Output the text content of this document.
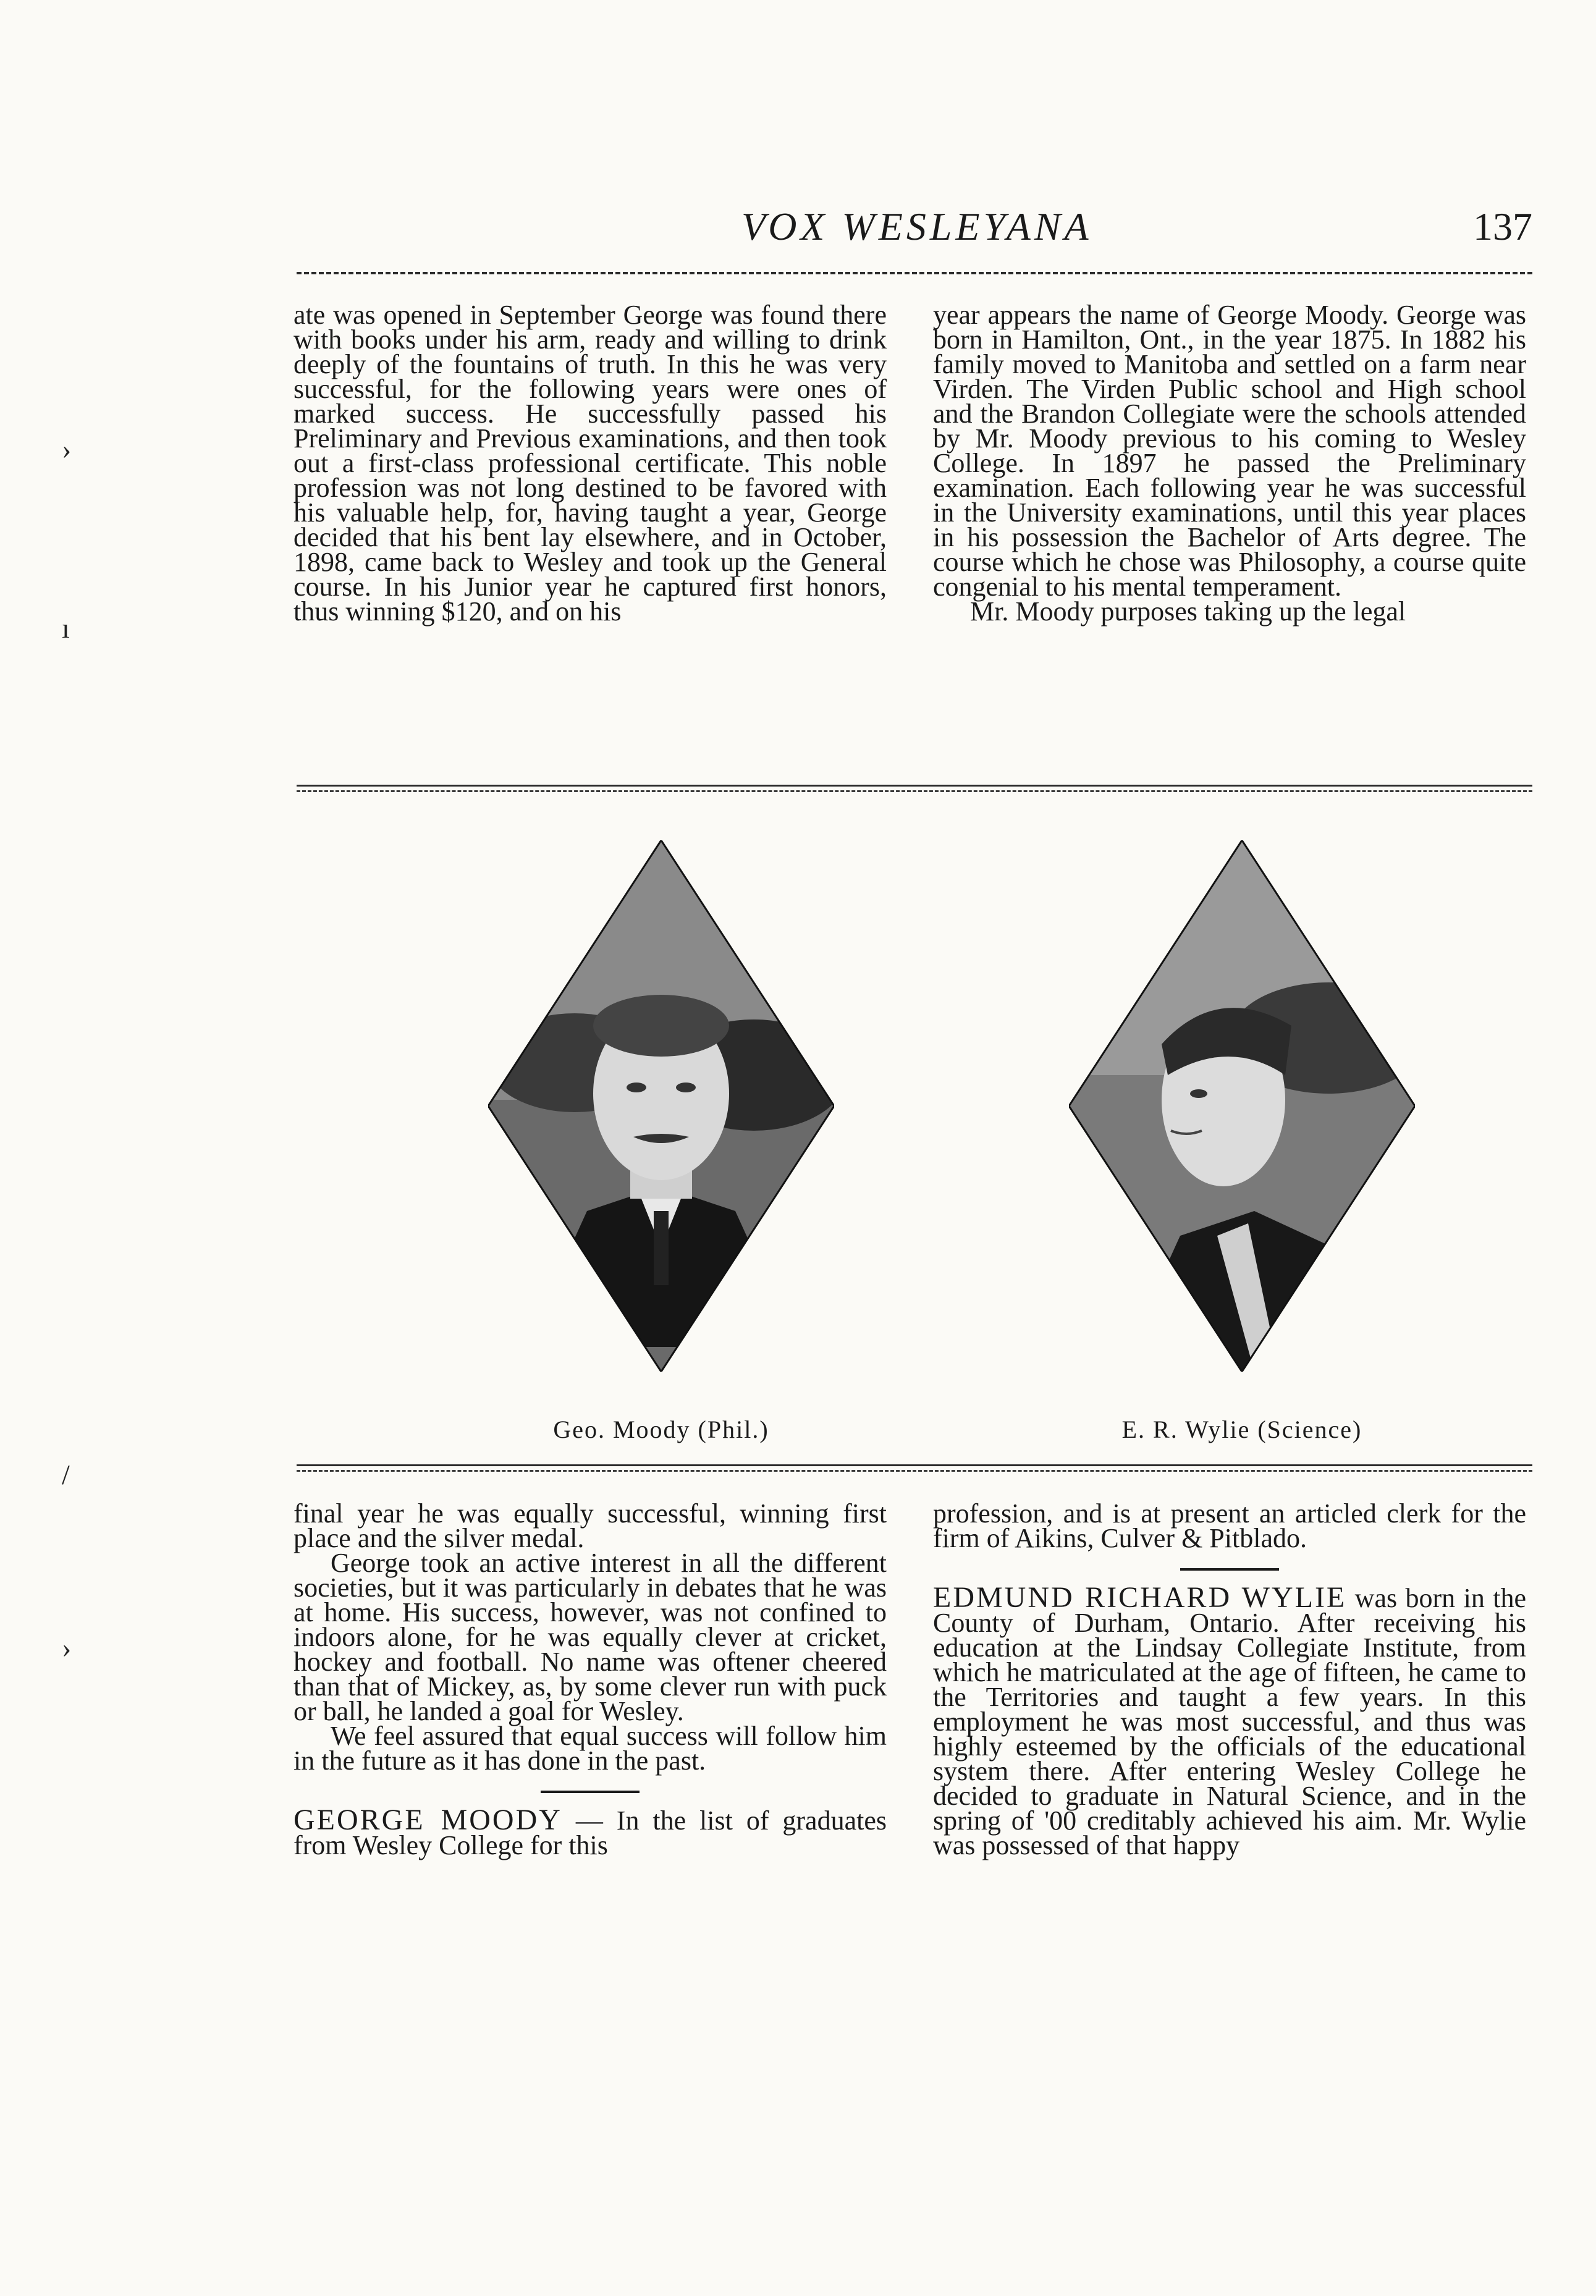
VOX WESLEYANA	137
›
ı
/
›

ate was opened in September George was found there with books under his arm, ready and willing to drink deeply of the fountains of truth. In this he was very successful, for the following years were ones of marked success. He successfully passed his Preliminary and Previous examinations, and then took out a first-class professional certificate. This noble profession was not long destined to be favored with his valuable help, for, having taught a year, George decided that his bent lay elsewhere, and in October, 1898, came back to Wesley and took up the General course. In his Junior year he captured first honors, thus winning $120, and on his

year appears the name of George Moody. George was born in Hamilton, Ont., in the year 1875. In 1882 his family moved to Manitoba and settled on a farm near Virden. The Virden Public school and High school and the Brandon Collegiate were the schools attended by Mr. Moody previous to his coming to Wesley College. In 1897 he passed the Preliminary examination. Each following year he was successful in the University examinations, until this year places in his possession the Bachelor of Arts degree. The course which he chose was Philosophy, a course quite congenial to his mental temperament.

Mr. Moody purposes taking up the legal

Geo. Moody (Phil.)	E. R. Wylie (Science)

final year he was equally successful, winning first place and the silver medal.

George took an active interest in all the different societies, but it was particularly in debates that he was at home. His success, however, was not confined to indoors alone, for he was equally clever at cricket, hockey and football. No name was oftener cheered than that of Mickey, as, by some clever run with puck or ball, he landed a goal for Wesley.

We feel assured that equal success will follow him in the future as it has done in the past.

GEORGE MOODY — In the list of graduates from Wesley College for this

profession, and is at present an articled clerk for the firm of Aikins, Culver & Pitblado.

EDMUND RICHARD WYLIE was born in the County of Durham, Ontario. After receiving his education at the Lindsay Collegiate Institute, from which he matriculated at the age of fifteen, he came to the Territories and taught a few years. In this employment he was most successful, and thus was highly esteemed by the officials of the educational system there. After entering Wesley College he decided to graduate in Natural Science, and in the spring of '00 creditably achieved his aim. Mr. Wylie was possessed of that happy
